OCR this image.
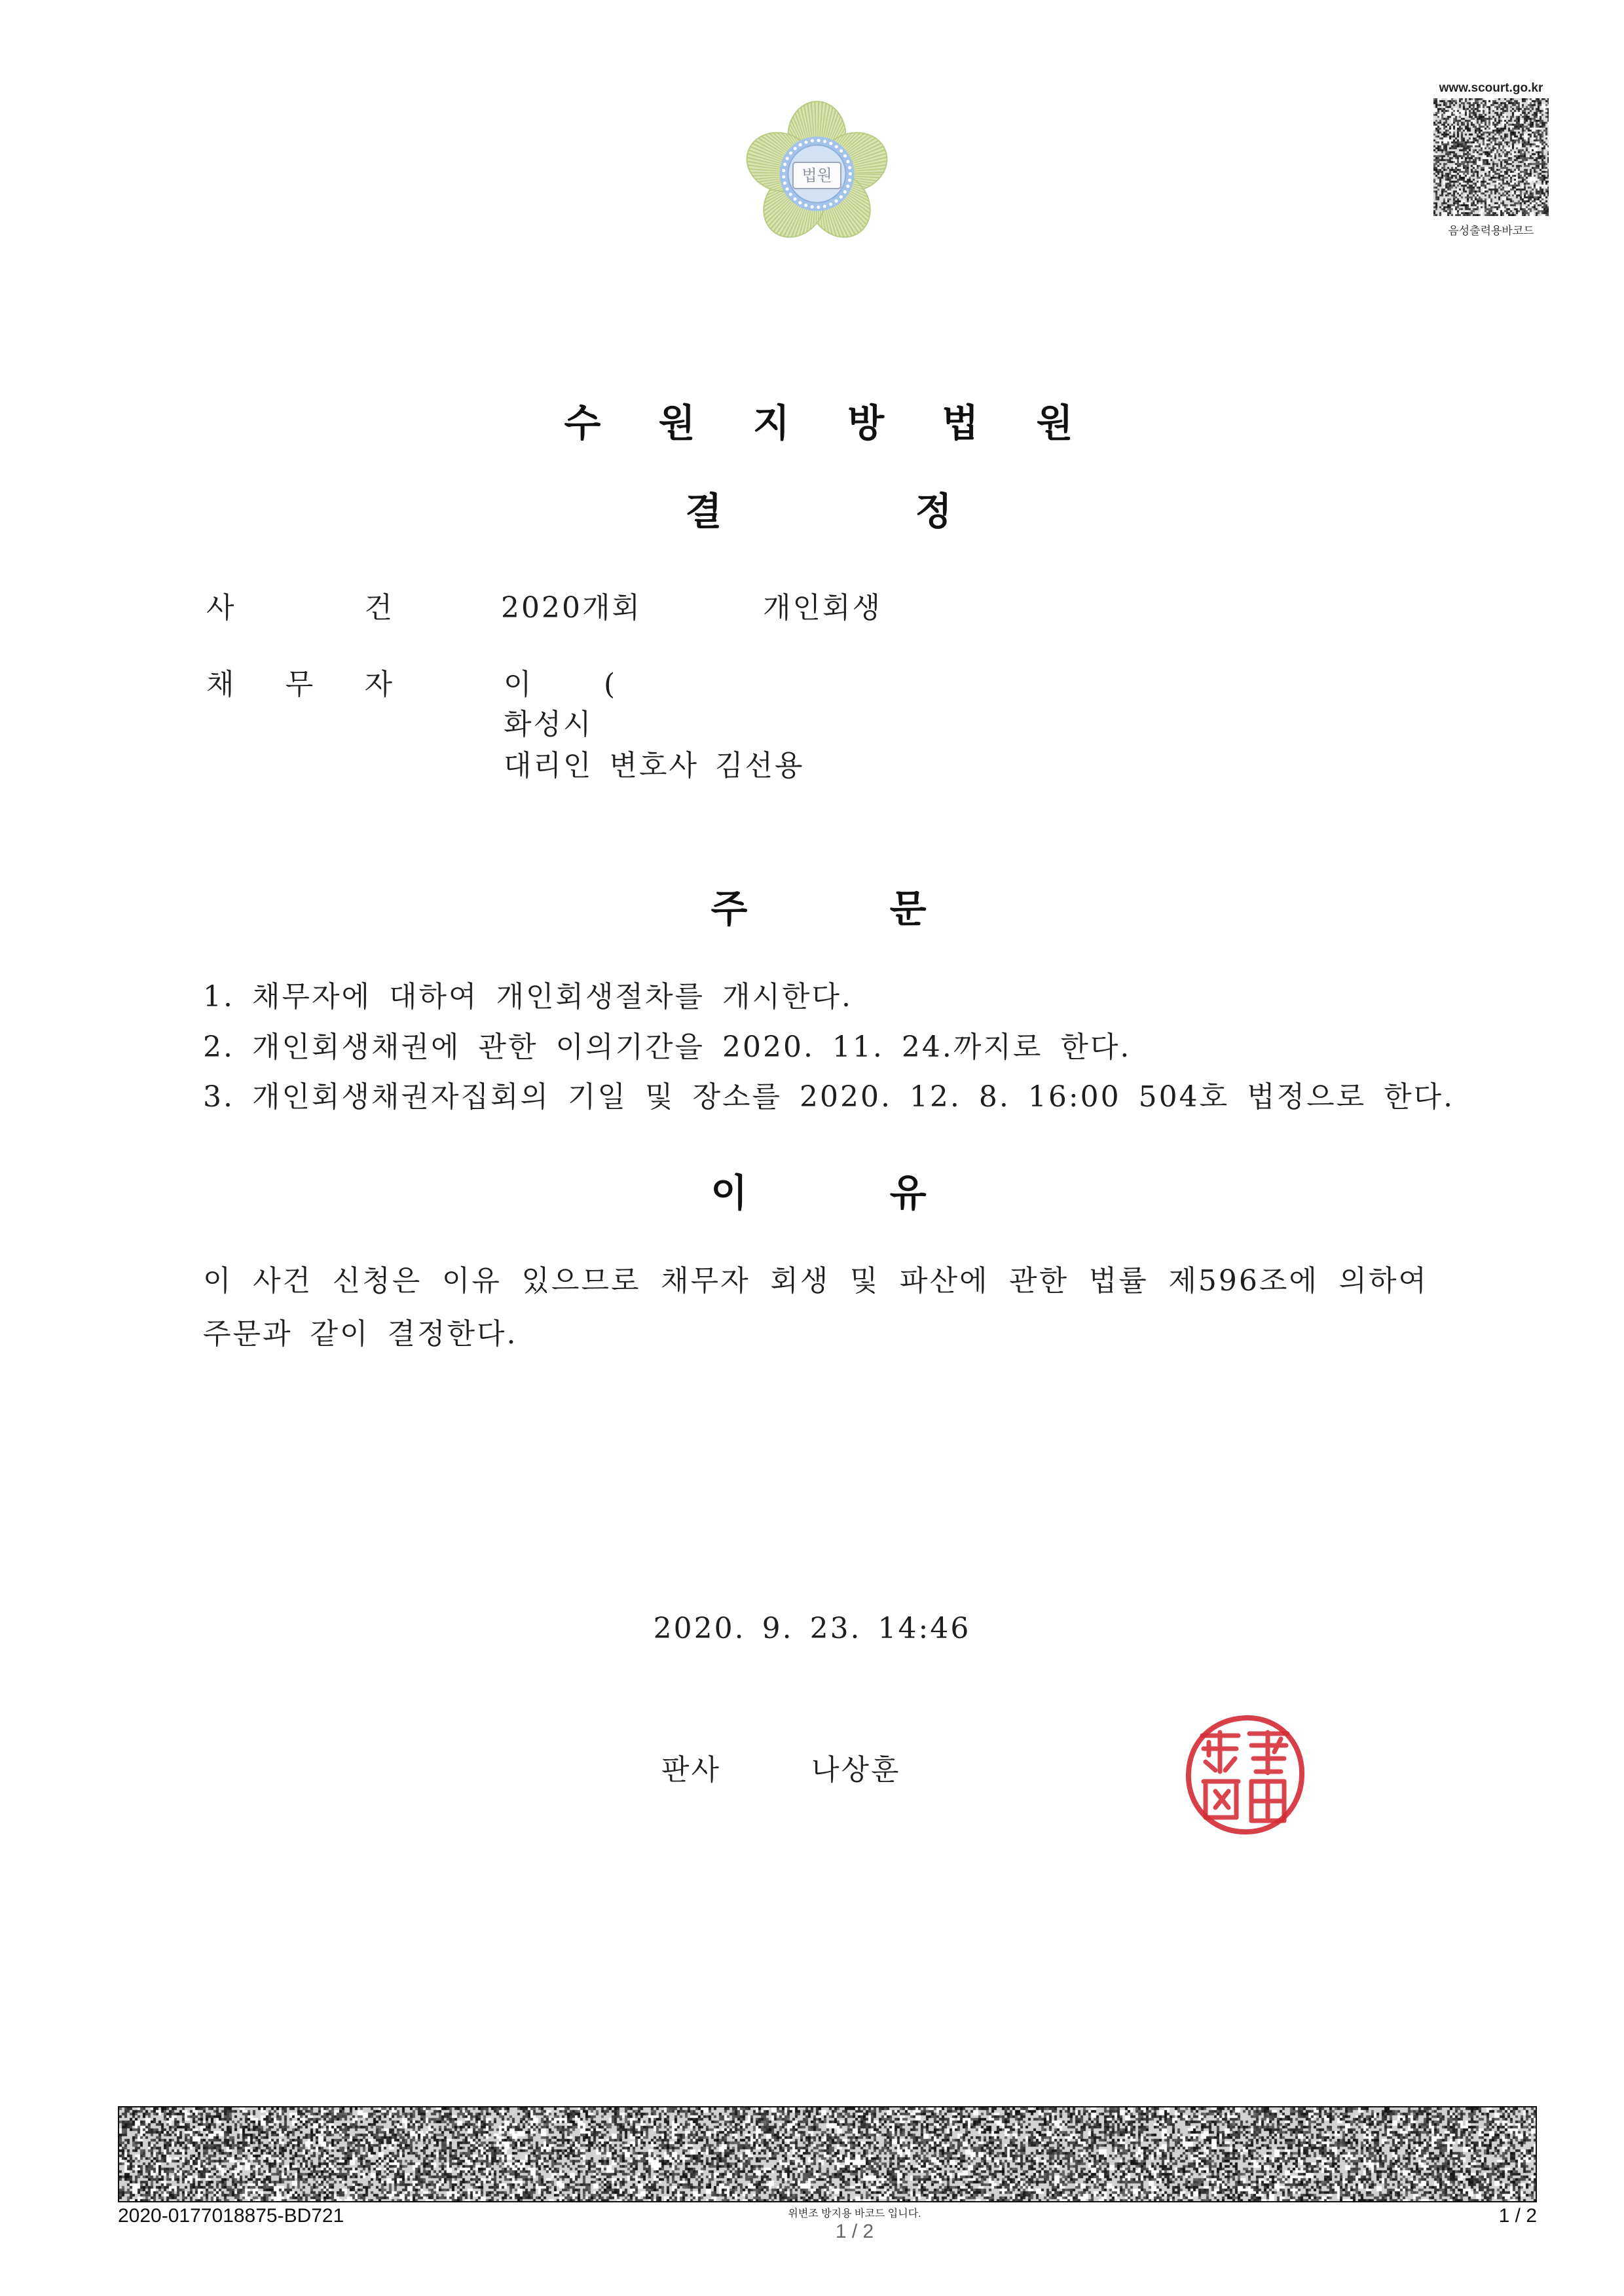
법원
www.scourt.go.kr
음성출력용바코드
수 원 지 방 법 원
결 정
사 건	2020개회	개인회생
채 무 자	이 (
화성시
대리인 변호사 김선용
주 문
1. 채무자에 대하여 개인회생절차를 개시한다.
2. 개인회생채권에 관한 이의기간을 2020. 11. 24.까지로 한다.
3. 개인회생채권자집회의 기일 및 장소를 2020. 12. 8. 16:00 504호 법정으로 한다.
이 유
이 사건 신청은 이유 있으므로 채무자 회생 및 파산에 관한 법률 제596조에 의하여
주문과 같이 결정한다.
2020. 9. 23. 14:46
판사	나상훈
2020-0177018875-BD721	위변조 방지용 바코드 입니다.
1 / 2
1 / 2
